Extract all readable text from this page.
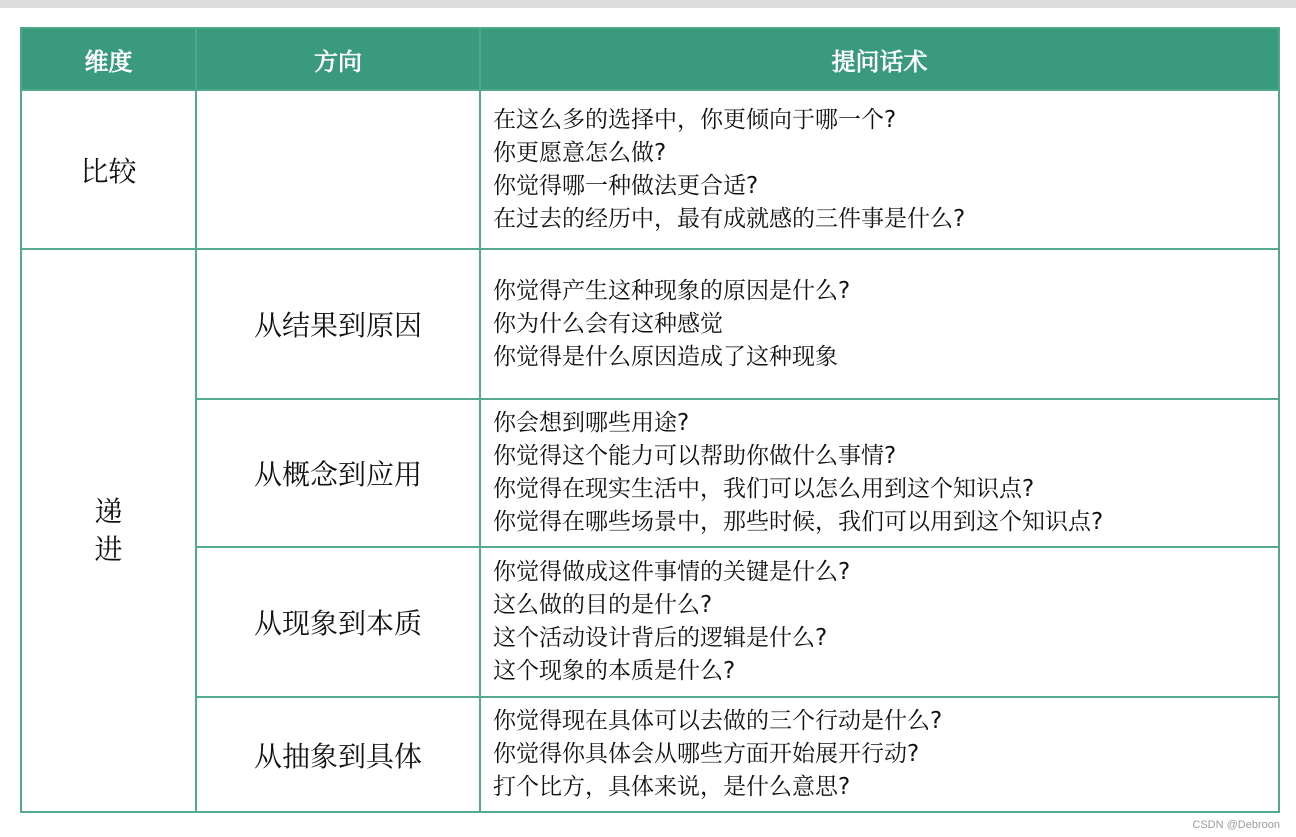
维度	方向	提问话术
比较		在这么多的选择中，你更倾向于哪一个?
你更愿意怎么做?
你觉得哪一种做法更合适?
在过去的经历中，最有成就感的三件事是什么?

递进	从结果到原因	你觉得产生这种现象的原因是什么?
你为什么会有这种感觉
你觉得是什么原因造成了这种现象

	从概念到应用	你会想到哪些用途?
你觉得这个能力可以帮助你做什么事情?
你觉得在现实生活中，我们可以怎么用到这个知识点?
你觉得在哪些场景中，那些时候，我们可以用到这个知识点?

	从现象到本质	你觉得做成这件事情的关键是什么?
这么做的目的是什么?
这个活动设计背后的逻辑是什么?
这个现象的本质是什么?

	从抽象到具体	你觉得现在具体可以去做的三个行动是什么?
你觉得你具体会从哪些方面开始展开行动?
打个比方，具体来说，是什么意思?
CSDN @Debroon
